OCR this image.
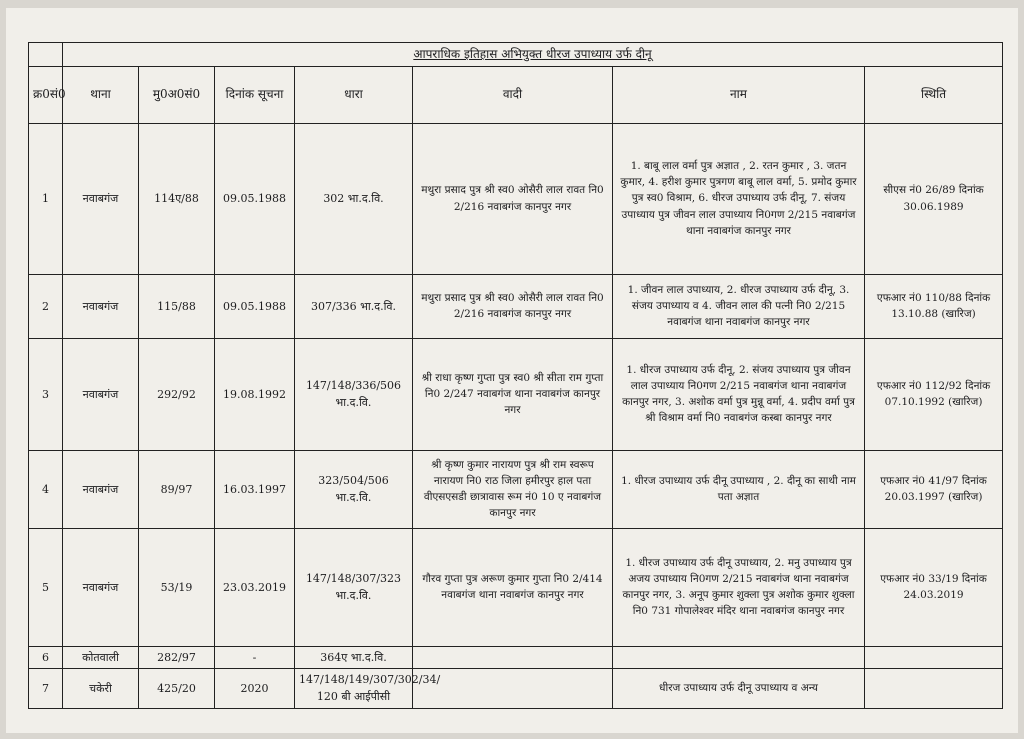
	आपराधिक इतिहास अभियुक्त धीरज उपाध्याय उर्फ दीनू						
क्र0सं0	थाना	मु0अ0सं0	दिनांक सूचना	धारा	वादी	नाम	स्थिति
1	नवाबगंज	114ए/88	09.05.1988	302 भा.द.वि.	मथुरा प्रसाद पुत्र श्री स्व0 ओसैरी लाल रावत नि0 2/216 नवाबगंज कानपुर नगर	1. बाबू लाल वर्मा पुत्र अज्ञात , 2. रतन कुमार , 3. जतन कुमार, 4. हरीश कुमार पुत्रगण बाबू लाल वर्मा, 5. प्रमोद कुमार पुत्र स्व0 विश्राम, 6. धीरज उपाध्याय उर्फ दीनू, 7. संजय उपाध्याय पुत्र जीवन लाल उपाध्याय नि0गण 2/215 नवाबगंज थाना नवाबगंज कानपुर नगर	सीएस नं0 26/89 दिनांक 30.06.1989
2	नवाबगंज	115/88	09.05.1988	307/336 भा.द.वि.	मथुरा प्रसाद पुत्र श्री स्व0 ओसैरी लाल रावत नि0 2/216 नवाबगंज कानपुर नगर	1. जीवन लाल उपाध्याय, 2. धीरज उपाध्याय उर्फ दीनू, 3. संजय उपाध्याय व 4. जीवन लाल की पत्नी नि0 2/215 नवाबगंज थाना नवाबगंज कानपुर नगर	एफआर नं0 110/88 दिनांक 13.10.88 (खारिज)
3	नवाबगंज	292/92	19.08.1992	147/148/336/506 भा.द.वि.	श्री राधा कृष्ण गुप्ता पुत्र स्व0 श्री सीता राम गुप्ता नि0 2/247 नवाबगंज थाना नवाबगंज कानपुर नगर	1. धीरज उपाध्याय उर्फ दीनू, 2. संजय उपाध्याय पुत्र जीवन लाल उपाध्याय नि0गण 2/215 नवाबगंज थाना नवाबगंज कानपुर नगर, 3. अशोक वर्मा पुत्र मुन्नू वर्मा, 4. प्रदीप वर्मा पुत्र श्री विश्राम वर्मा नि0 नवाबगंज कस्बा कानपुर नगर	एफआर नं0 112/92 दिनांक 07.10.1992 (खारिज)
4	नवाबगंज	89/97	16.03.1997	323/504/506 भा.द.वि.	श्री कृष्ण कुमार नारायण पुत्र श्री राम स्वरूप नारायण नि0 राठ जिला हमीरपुर हाल पता वीएसएसडी छात्रावास रूम नं0 10 ए नवाबगंज कानपुर नगर	1. धीरज उपाध्याय उर्फ दीनू उपाध्याय , 2. दीनू का साथी नाम पता अज्ञात	एफआर नं0 41/97 दिनांक 20.03.1997 (खारिज)
5	नवाबगंज	53/19	23.03.2019	147/148/307/323 भा.द.वि.	गौरव गुप्ता पुत्र अरूण कुमार गुप्ता नि0 2/414 नवाबगंज थाना नवाबगंज कानपुर नगर	1. धीरज उपाध्याय उर्फ दीनू उपाध्याय, 2. मनु उपाध्याय पुत्र अजय उपाध्याय नि0गण 2/215 नवाबगंज थाना नवाबगंज कानपुर नगर, 3. अनूप कुमार शुक्ला पुत्र अशोक कुमार शुक्ला नि0 731 गोपालेश्वर मंदिर थाना नवाबगंज कानपुर नगर	एफआर नं0 33/19 दिनांक 24.03.2019
6	कोतवाली	282/97	-	364ए भा.द.वि.			
7	चकेरी	425/20	2020	147/148/149/307/302/34/ 120 बी आईपीसी		धीरज उपाध्याय उर्फ दीनू उपाध्याय व अन्य	
